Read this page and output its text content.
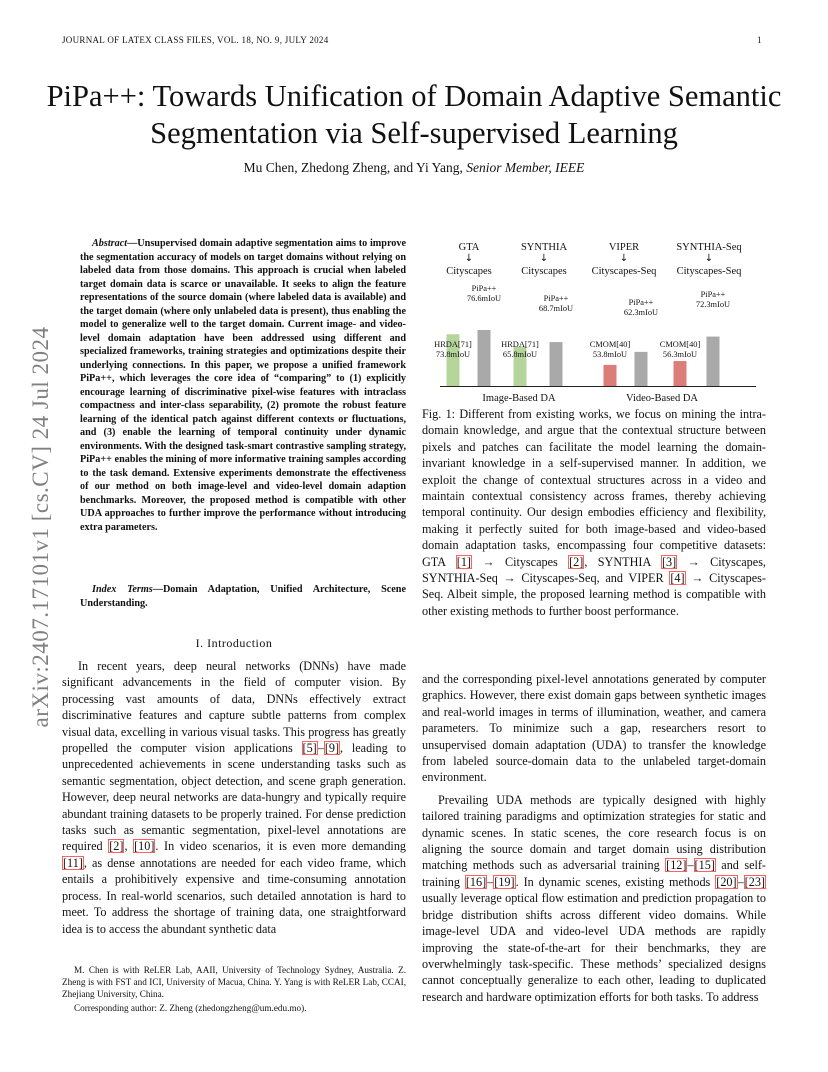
JOURNAL OF LATEX CLASS FILES, VOL. 18, NO. 9, JULY 2024	1
PiPa++: Towards Unification of Domain Adaptive Semantic Segmentation via Self-supervised Learning
Mu Chen, Zhedong Zheng, and Yi Yang, Senior Member, IEEE
arXiv:2407.17101v1 [cs.CV] 24 Jul 2024
Abstract—Unsupervised domain adaptive segmentation aims to improve the segmentation accuracy of models on target domains without relying on labeled data from those domains. This approach is crucial when labeled target domain data is scarce or unavailable. It seeks to align the feature representations of the source domain (where labeled data is available) and the target domain (where only unlabeled data is present), thus enabling the model to generalize well to the target domain. Current image- and video-level domain adaptation have been addressed using different and specialized frameworks, training strategies and optimizations despite their underlying connections. In this paper, we propose a unified framework PiPa++, which leverages the core idea of “comparing” to (1) explicitly encourage learning of discriminative pixel-wise features with intraclass compactness and inter-class separability, (2) promote the robust feature learning of the identical patch against different contexts or fluctuations, and (3) enable the learning of temporal continuity under dynamic environments. With the designed task-smart contrastive sampling strategy, PiPa++ enables the mining of more informative training samples according to the task demand. Extensive experiments demonstrate the effectiveness of our method on both image-level and video-level domain adaption benchmarks. Moreover, the proposed method is compatible with other UDA approaches to further improve the performance without introducing extra parameters.
Index Terms—Domain Adaptation, Unified Architecture, Scene Understanding.
I. Introduction
In recent years, deep neural networks (DNNs) have made significant advancements in the field of computer vision. By processing vast amounts of data, DNNs effectively extract discriminative features and capture subtle patterns from complex visual data, excelling in various visual tasks. This progress has greatly propelled the computer vision applications [5]–[9], leading to unprecedented achievements in scene understanding tasks such as semantic segmentation, object detection, and scene graph generation. However, deep neural networks are data-hungry and typically require abundant training datasets to be properly trained. For dense prediction tasks such as semantic segmentation, pixel-level annotations are required [2], [10]. In video scenarios, it is even more demanding [11], as dense annotations are needed for each video frame, which entails a prohibitively expensive and time-consuming annotation process. In real-world scenarios, such detailed annotation is hard to meet. To address the shortage of training data, one straightforward idea is to access the abundant synthetic data

M. Chen is with ReLER Lab, AAII, University of Technology Sydney, Australia. Z. Zheng is with FST and ICI, University of Macua, China. Y. Yang is with ReLER Lab, CCAI, Zhejiang University, China.

Corresponding author: Z. Zheng (zhedongzheng@um.edu.mo).

GTA	SYNTHIA	VIPER	SYNTHIA-Seq
↓	↓	↓	↓
Cityscapes	Cityscapes Cityscapes-Seq Cityscapes-Seq
HRDA[71]
73.8mIoU
PiPa++
76.6mIoU
HRDA[71]
65.8mIoU
PiPa++
68.7mIoU
CMOM[40]
53.8mIoU
PiPa++
62.3mIoU
CMOM[40]
56.3mIoU
PiPa++
72.3mIoU
Image-Based DA	Video-Based DA
Fig. 1: Different from existing works, we focus on mining the intra-domain knowledge, and argue that the contextual structure between pixels and patches can facilitate the model learning the domain-invariant knowledge in a self-supervised manner. In addition, we exploit the change of contextual structures across in a video and maintain contextual consistency across frames, thereby achieving temporal continuity. Our design embodies efficiency and flexibility, making it perfectly suited for both image-based and video-based domain adaptation tasks, encompassing four competitive datasets: GTA [1] → Cityscapes [2], SYNTHIA [3] → Cityscapes, SYNTHIA-Seq → Cityscapes-Seq, and VIPER [4] → Cityscapes-Seq. Albeit simple, the proposed learning method is compatible with other existing methods to further boost performance.

and the corresponding pixel-level annotations generated by computer graphics. However, there exist domain gaps between synthetic images and real-world images in terms of illumination, weather, and camera parameters. To minimize such a gap, researchers resort to unsupervised domain adaptation (UDA) to transfer the knowledge from labeled source-domain data to the unlabeled target-domain environment.

Prevailing UDA methods are typically designed with highly tailored training paradigms and optimization strategies for static and dynamic scenes. In static scenes, the core research focus is on aligning the source domain and target domain using distribution matching methods such as adversarial training [12]–[15] and self-training [16]–[19]. In dynamic scenes, existing methods [20]–[23] usually leverage optical flow estimation and prediction propagation to bridge distribution shifts across different video domains. While image-level UDA and video-level UDA methods are rapidly improving the state-of-the-art for their benchmarks, they are overwhelmingly task-specific. These methods’ specialized designs cannot conceptually generalize to each other, leading to duplicated research and hardware optimization efforts for both tasks. To address
